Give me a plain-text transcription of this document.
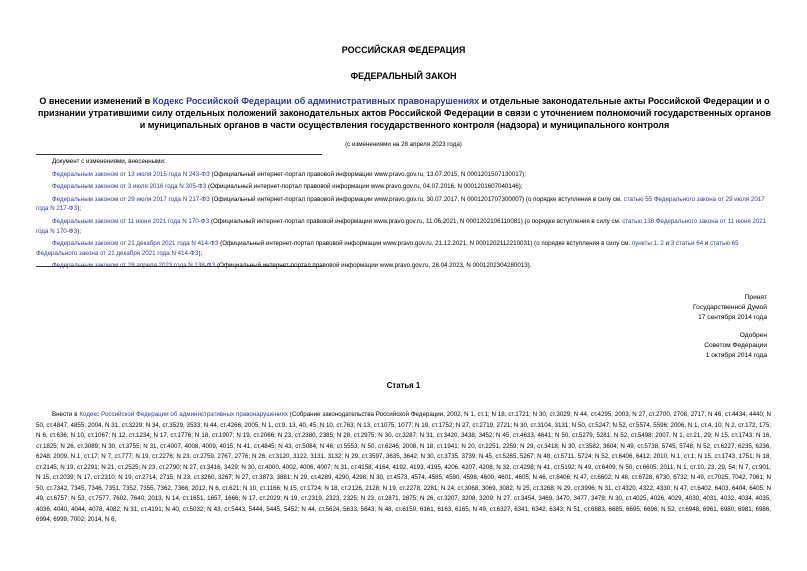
РОССИЙСКАЯ ФЕДЕРАЦИЯ
ФЕДЕРАЛЬНЫЙ ЗАКОН
О внесении изменений в Кодекс Российской Федерации об административных правонарушениях и отдельные законодательные акты Российской Федерации и о признании утратившими силу отдельных положений законодательных актов Российской Федерации в связи с уточнением полномочий государственных органов и муниципальных органов в части осуществления государственного контроля (надзора) и муниципального контроля
(с изменениями на 28 апреля 2023 года)

Документ с изменениями, внесенными:

Федеральным законом от 13 июля 2015 года N 243-ФЗ (Официальный интернет-портал правовой информации www.pravo.gov.ru, 13.07.2015, N 0001201507130017);

Федеральным законом от 3 июля 2016 года N 305-ФЗ (Официальный интернет-портал правовой информации www.pravo.gov.ru, 04.07.2016, N 0001201607040146);

Федеральным законом от 29 июля 2017 года N 217-ФЗ (Официальный интернет-портал правовой информации www.pravo.gov.ru, 30.07.2017, N 0001201707300007) (о порядке вступления в силу см. статью 55 Федерального закона от 29 июля 2017 года N 217-ФЗ);

Федеральным законом от 11 июня 2021 года N 170-ФЗ (Официальный интернет-портал правовой информации www.pravo.gov.ru, 11.06.2021, N 0001202106110081) (о порядке вступления в силу см. статью 138 Федерального закона от 11 июня 2021 года N 170-ФЗ);

Федеральным законом от 21 декабря 2021 года N 414-ФЗ (Официальный интернет-портал правовой информации www.pravo.gov.ru, 21.12.2021, N 0001202112210031) (о порядке вступления в силу см. пункты 1, 2 и 3 статьи 64 и статью 65 Федерального закона от 21 декабря 2021 года N 414-ФЗ);

Федеральным законом от 28 апреля 2023 года N 138-ФЗ (Официальный интернет-портал правовой информации www.pravo.gov.ru, 28.04.2023, N 0001202304280013).

Принят
Государственной Думой
17 сентября 2014 года
Одобрен
Советом Федерации
1 октября 2014 года
Статья 1
Внести в Кодекс Российской Федерации об административных правонарушениях (Собрание законодательства Российской Федерации, 2002, N 1, ст.1; N 18, ст.1721; N 30, ст.3029; N 44, ст.4295; 2003, N 27, ст.2700, 2708, 2717; N 46, ст.4434, 4440; N 50, ст.4847, 4855; 2004, N 31, ст.3229; N 34, ст.3529, 3533; N 44, ст.4266; 2005, N 1, ст.9, 13, 40, 45; N 10, ст.763; N 13, ст.1075, 1077; N 19, ст.1752; N 27, ст.2719, 2721; N 30, ст.3104, 3131; N 50, ст.5247; N 52, ст.5574, 5596; 2006, N 1, ст.4, 10; N 2, ст.172, 175; N 6, ст.636; N 10, ст.1067; N 12, ст.1234; N 17, ст.1776; N 18, ст.1907; N 19, ст.2066; N 23, ст.2380, 2385; N 28, ст.2975; N 30, ст.3287; N 31, ст.3420, 3438, 3452; N 45, ст.4633, 4641; N 50, ст.5279, 5281; N 52, ст.5498; 2007, N 1, ст.21, 29; N 15, ст.1743; N 16, ст.1825; N 26, ст.3089; N 30, ст.3755; N 31, ст.4007, 4008, 4009, 4015; N 41, ст.4845; N 43, ст.5084; N 46, ст.5553; N 50, ст.6246; 2008, N 18, ст.1941; N 20, ст.2251, 2259; N 29, ст.3418; N 30, ст.3582, 3604; N 49, ст.5738, 5745, 5748; N 52, ст.6227, 6235, 6236, 6248; 2009, N 1, ст.17; N 7, ст.777; N 19, ст.2276; N 23, ст.2759, 2767, 2776; N 26, ст.3120, 3122, 3131, 3132; N 29, ст.3597, 3635, 3642; N 30, ст.3735, 3739; N 45, ст.5265, 5267; N 48, ст.5711, 5724; N 52, ст.6406, 6412; 2010, N 1, ст.1; N 15, ст.1743, 1751; N 18, ст.2145; N 19, ст.2291; N 21, ст.2525; N 23, ст.2790; N 27, ст.3416, 3429; N 30, ст.4000, 4002, 4006, 4007; N 31, ст.4158, 4164, 4192, 4193, 4195, 4206, 4207, 4208; N 32, ст.4298; N 41, ст.5192; N 49, ст.6409; N 50, ст.6605; 2011, N 1, ст.10, 23, 29, 54; N 7, ст.901; N 15, ст.2039; N 17, ст.2310; N 19, ст.2714, 2715; N 23, ст.3260, 3267; N 27, ст.3873, 3881; N 29, ст.4289, 4290, 4298; N 30, ст.4573, 4574, 4585, 4590, 4598, 4600, 4601, 4605; N 46, ст.6406; N 47, ст.6602; N 48, ст.6728, 6730, 6732; N 49, ст.7025, 7042, 7061; N 50, ст.7342, 7345, 7346, 7351, 7352, 7355, 7362, 7366; 2012, N 6, ст.621; N 10, ст.1166; N 15, ст.1724; N 18, ст.2126, 2128; N 19, ст.2278, 2281; N 24, ст.3068, 3069, 3082; N 25, ст.3268; N 29, ст.3996; N 31, ст.4320, 4322, 4330; N 47, ст.6402, 6403, 6404, 6405; N 49, ст.6757; N 53, ст.7577, 7602, 7640; 2013, N 14, ст.1651, 1657, 1666; N 17, ст.2029; N 19, ст.2319, 2323, 2325; N 23, ст.2871, 2875; N 26, ст.3207, 3208, 3209; N 27, ст.3454, 3469, 3470, 3477, 3478; N 30, ст.4025, 4026, 4029, 4030, 4031, 4032, 4034, 4035, 4036, 4040, 4044, 4078, 4082; N 31, ст.4191; N 40, ст.5032; N 43, ст.5443, 5444, 5445, 5452; N 44, ст.5624, 5633, 5643; N 48, ст.6159, 6161, 6163, 6165; N 49, ст.6327, 6341, 6342, 6343; N 51, ст.6683, 6685, 6695, 6696; N 52, ст.6948, 6961, 6980, 6981, 6986, 6994, 6999, 7002; 2014, N 6,
